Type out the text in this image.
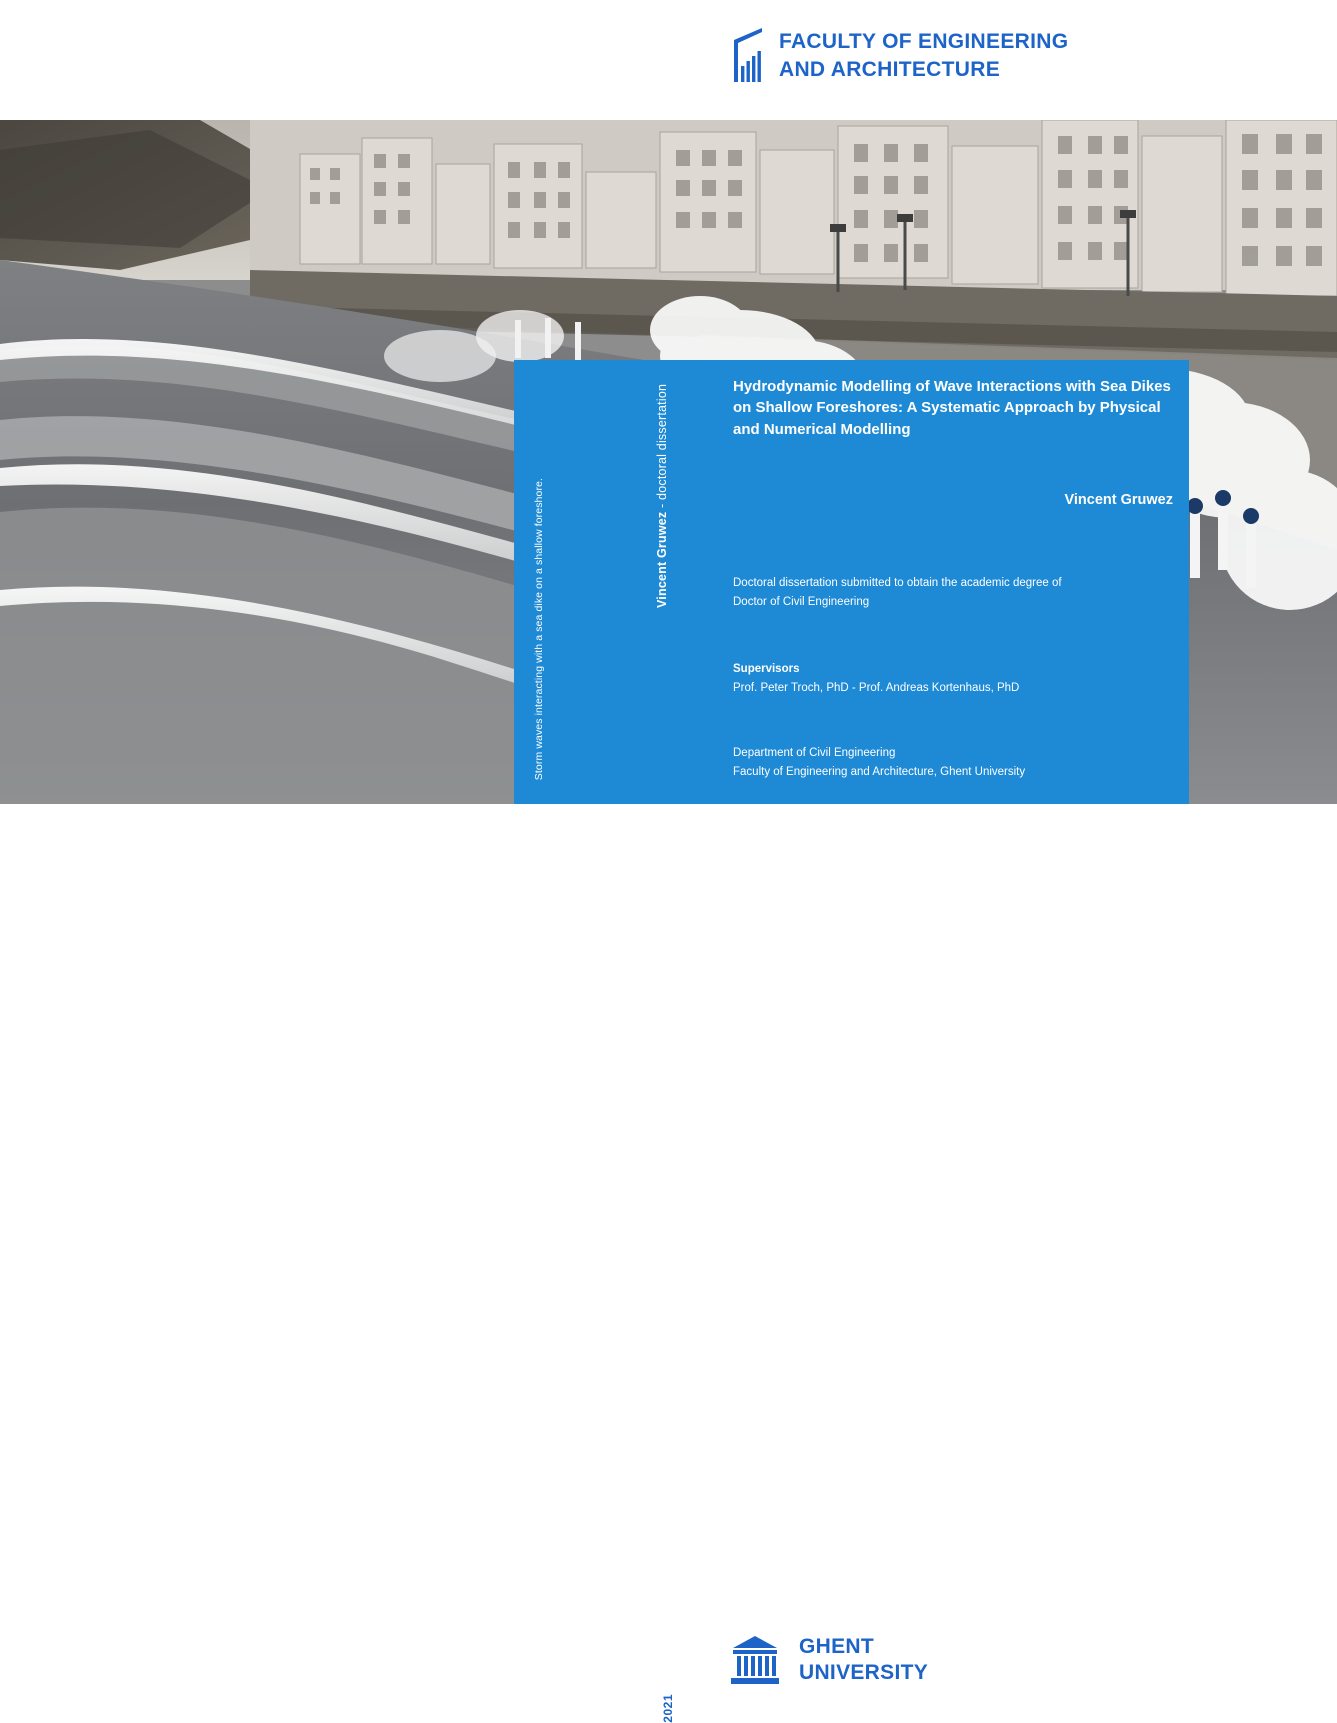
FACULTY OF ENGINEERING
AND ARCHITECTURE
Vincent Gruwez - doctoral dissertation
Storm waves interacting with a sea dike on a shallow foreshore.

Hydrodynamic Modelling of Wave Interactions with Sea Dikes on Shallow Foreshores: A Systematic Approach by Physical and Numerical Modelling

Vincent Gruwez
Doctoral dissertation submitted to obtain the academic degree of
Doctor of Civil Engineering
Supervisors
Prof. Peter Troch, PhD - Prof. Andreas Kortenhaus, PhD
Department of Civil Engineering
Faculty of Engineering and Architecture, Ghent University
2021
GHENT
UNIVERSITY
